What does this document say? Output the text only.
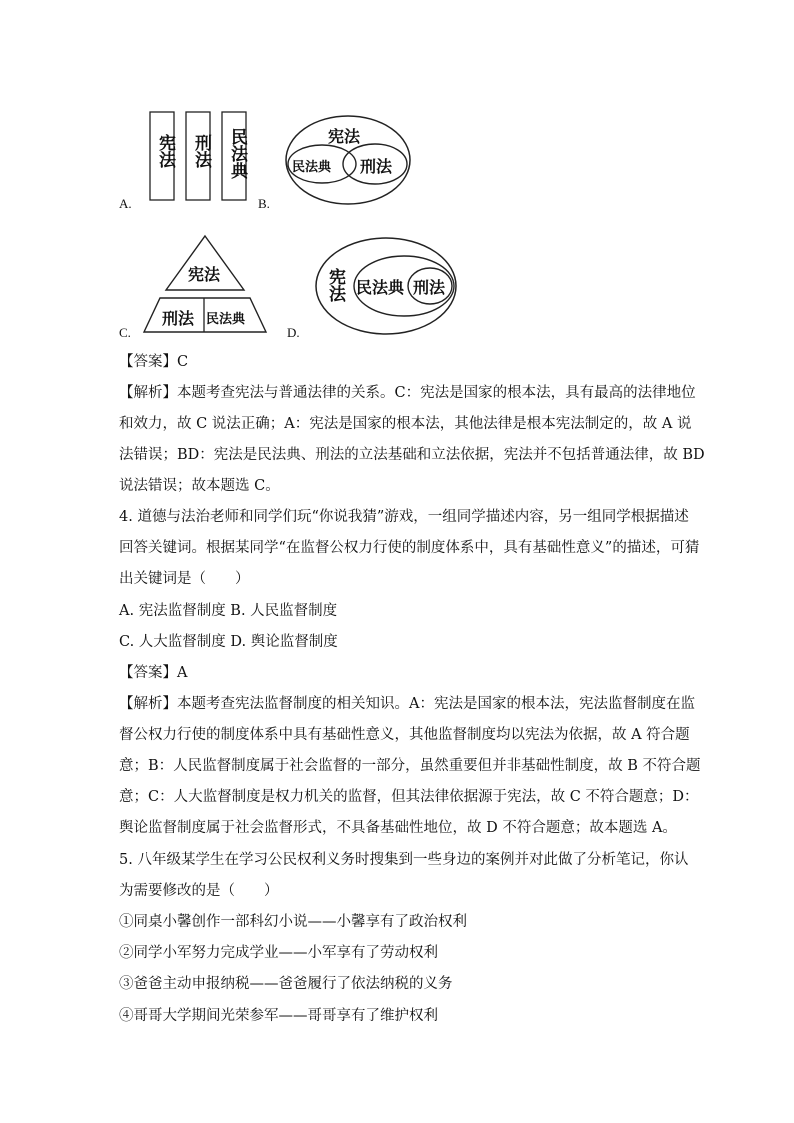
宪法 刑法 民法典
A.	B.
宪法
民法典 刑法
宪法
刑法 民法典
C.	D.
宪法 民法典 刑法
【答案】C
【解析】本题考查宪法与普通法律的关系。C：宪法是国家的根本法，具有最高的法律地位
和效力，故 C 说法正确；A：宪法是国家的根本法，其他法律是根本宪法制定的，故 A 说
法错误；BD：宪法是民法典、刑法的立法基础和立法依据，宪法并不包括普通法律，故 BD
说法错误；故本题选 C。
4. 道德与法治老师和同学们玩“你说我猜”游戏，一组同学描述内容，另一组同学根据描述
回答关键词。根据某同学“在监督公权力行使的制度体系中，具有基础性意义”的描述，可猜
出关键词是（　　）
A. 宪法监督制度 B. 人民监督制度
C. 人大监督制度 D. 舆论监督制度
【答案】A
【解析】本题考查宪法监督制度的相关知识。A：宪法是国家的根本法，宪法监督制度在监
督公权力行使的制度体系中具有基础性意义，其他监督制度均以宪法为依据，故 A 符合题
意；B：人民监督制度属于社会监督的一部分，虽然重要但并非基础性制度，故 B 不符合题
意；C：人大监督制度是权力机关的监督，但其法律依据源于宪法，故 C 不符合题意；D：
舆论监督制度属于社会监督形式，不具备基础性地位，故 D 不符合题意；故本题选 A。
5. 八年级某学生在学习公民权利义务时搜集到一些身边的案例并对此做了分析笔记，你认
为需要修改的是（　　）
①同桌小馨创作一部科幻小说——小馨享有了政治权利
②同学小军努力完成学业——小军享有了劳动权利
③爸爸主动申报纳税——爸爸履行了依法纳税的义务
④哥哥大学期间光荣参军——哥哥享有了维护权利
